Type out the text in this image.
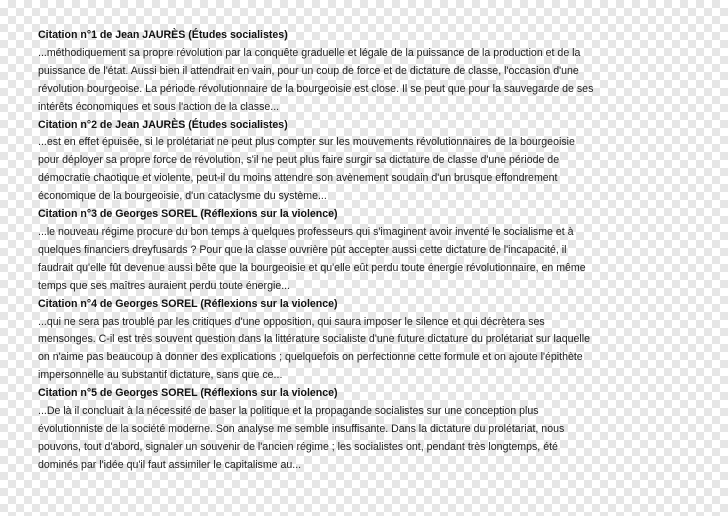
Citation n°1 de Jean JAURÈS (Études socialistes)
...méthodiquement sa propre révolution par la conquête graduelle et légale de la puissance de la production et de la
puissance de l'état. Aussi bien il attendrait en vain, pour un coup de force et de dictature de classe, l'occasion d'une
révolution bourgeoise. La période révolutionnaire de la bourgeoisie est close. Il se peut que pour la sauvegarde de ses
intérêts économiques et sous l'action de la classe...
Citation n°2 de Jean JAURÈS (Études socialistes)
...est en effet épuisée, si le prolétariat ne peut plus compter sur les mouvements révolutionnaires de la bourgeoisie
pour déployer sa propre force de révolution, s'il ne peut plus faire surgir sa dictature de classe d'une période de
démocratie chaotique et violente, peut-il du moins attendre son avènement soudain d'un brusque effondrement
économique de la bourgeoisie, d'un cataclysme du système...
Citation n°3 de Georges SOREL (Réflexions sur la violence)
...le nouveau régime procure du bon temps à quelques professeurs qui s'imaginent avoir inventé le socialisme et à
quelques financiers dreyfusards ? Pour que la classe ouvrière pût accepter aussi cette dictature de l'incapacité, il
faudrait qu'elle fût devenue aussi bête que la bourgeoisie et qu'elle eût perdu toute énergie révolutionnaire, en même
temps que ses maîtres auraient perdu toute énergie...
Citation n°4 de Georges SOREL (Réflexions sur la violence)
...qui ne sera pas troublé par les critiques d'une opposition, qui saura imposer le silence et qui décrètera ses
mensonges. C-il est très souvent question dans la littérature socialiste d'une future dictature du prolétariat sur laquelle
on n'aime pas beaucoup à donner des explications ; quelquefois on perfectionne cette formule et on ajoute l'épithète
impersonnelle au substantif dictature, sans que ce...
Citation n°5 de Georges SOREL (Réflexions sur la violence)
...De là il concluait à la nécessité de baser la politique et la propagande socialistes sur une conception plus
évolutionniste de la société moderne. Son analyse me semble insuffisante. Dans la dictature du prolétariat, nous
pouvons, tout d'abord, signaler un souvenir de l'ancien régime ; les socialistes ont, pendant très longtemps, été
dominés par l'idée qu'il faut assimiler le capitalisme au...
